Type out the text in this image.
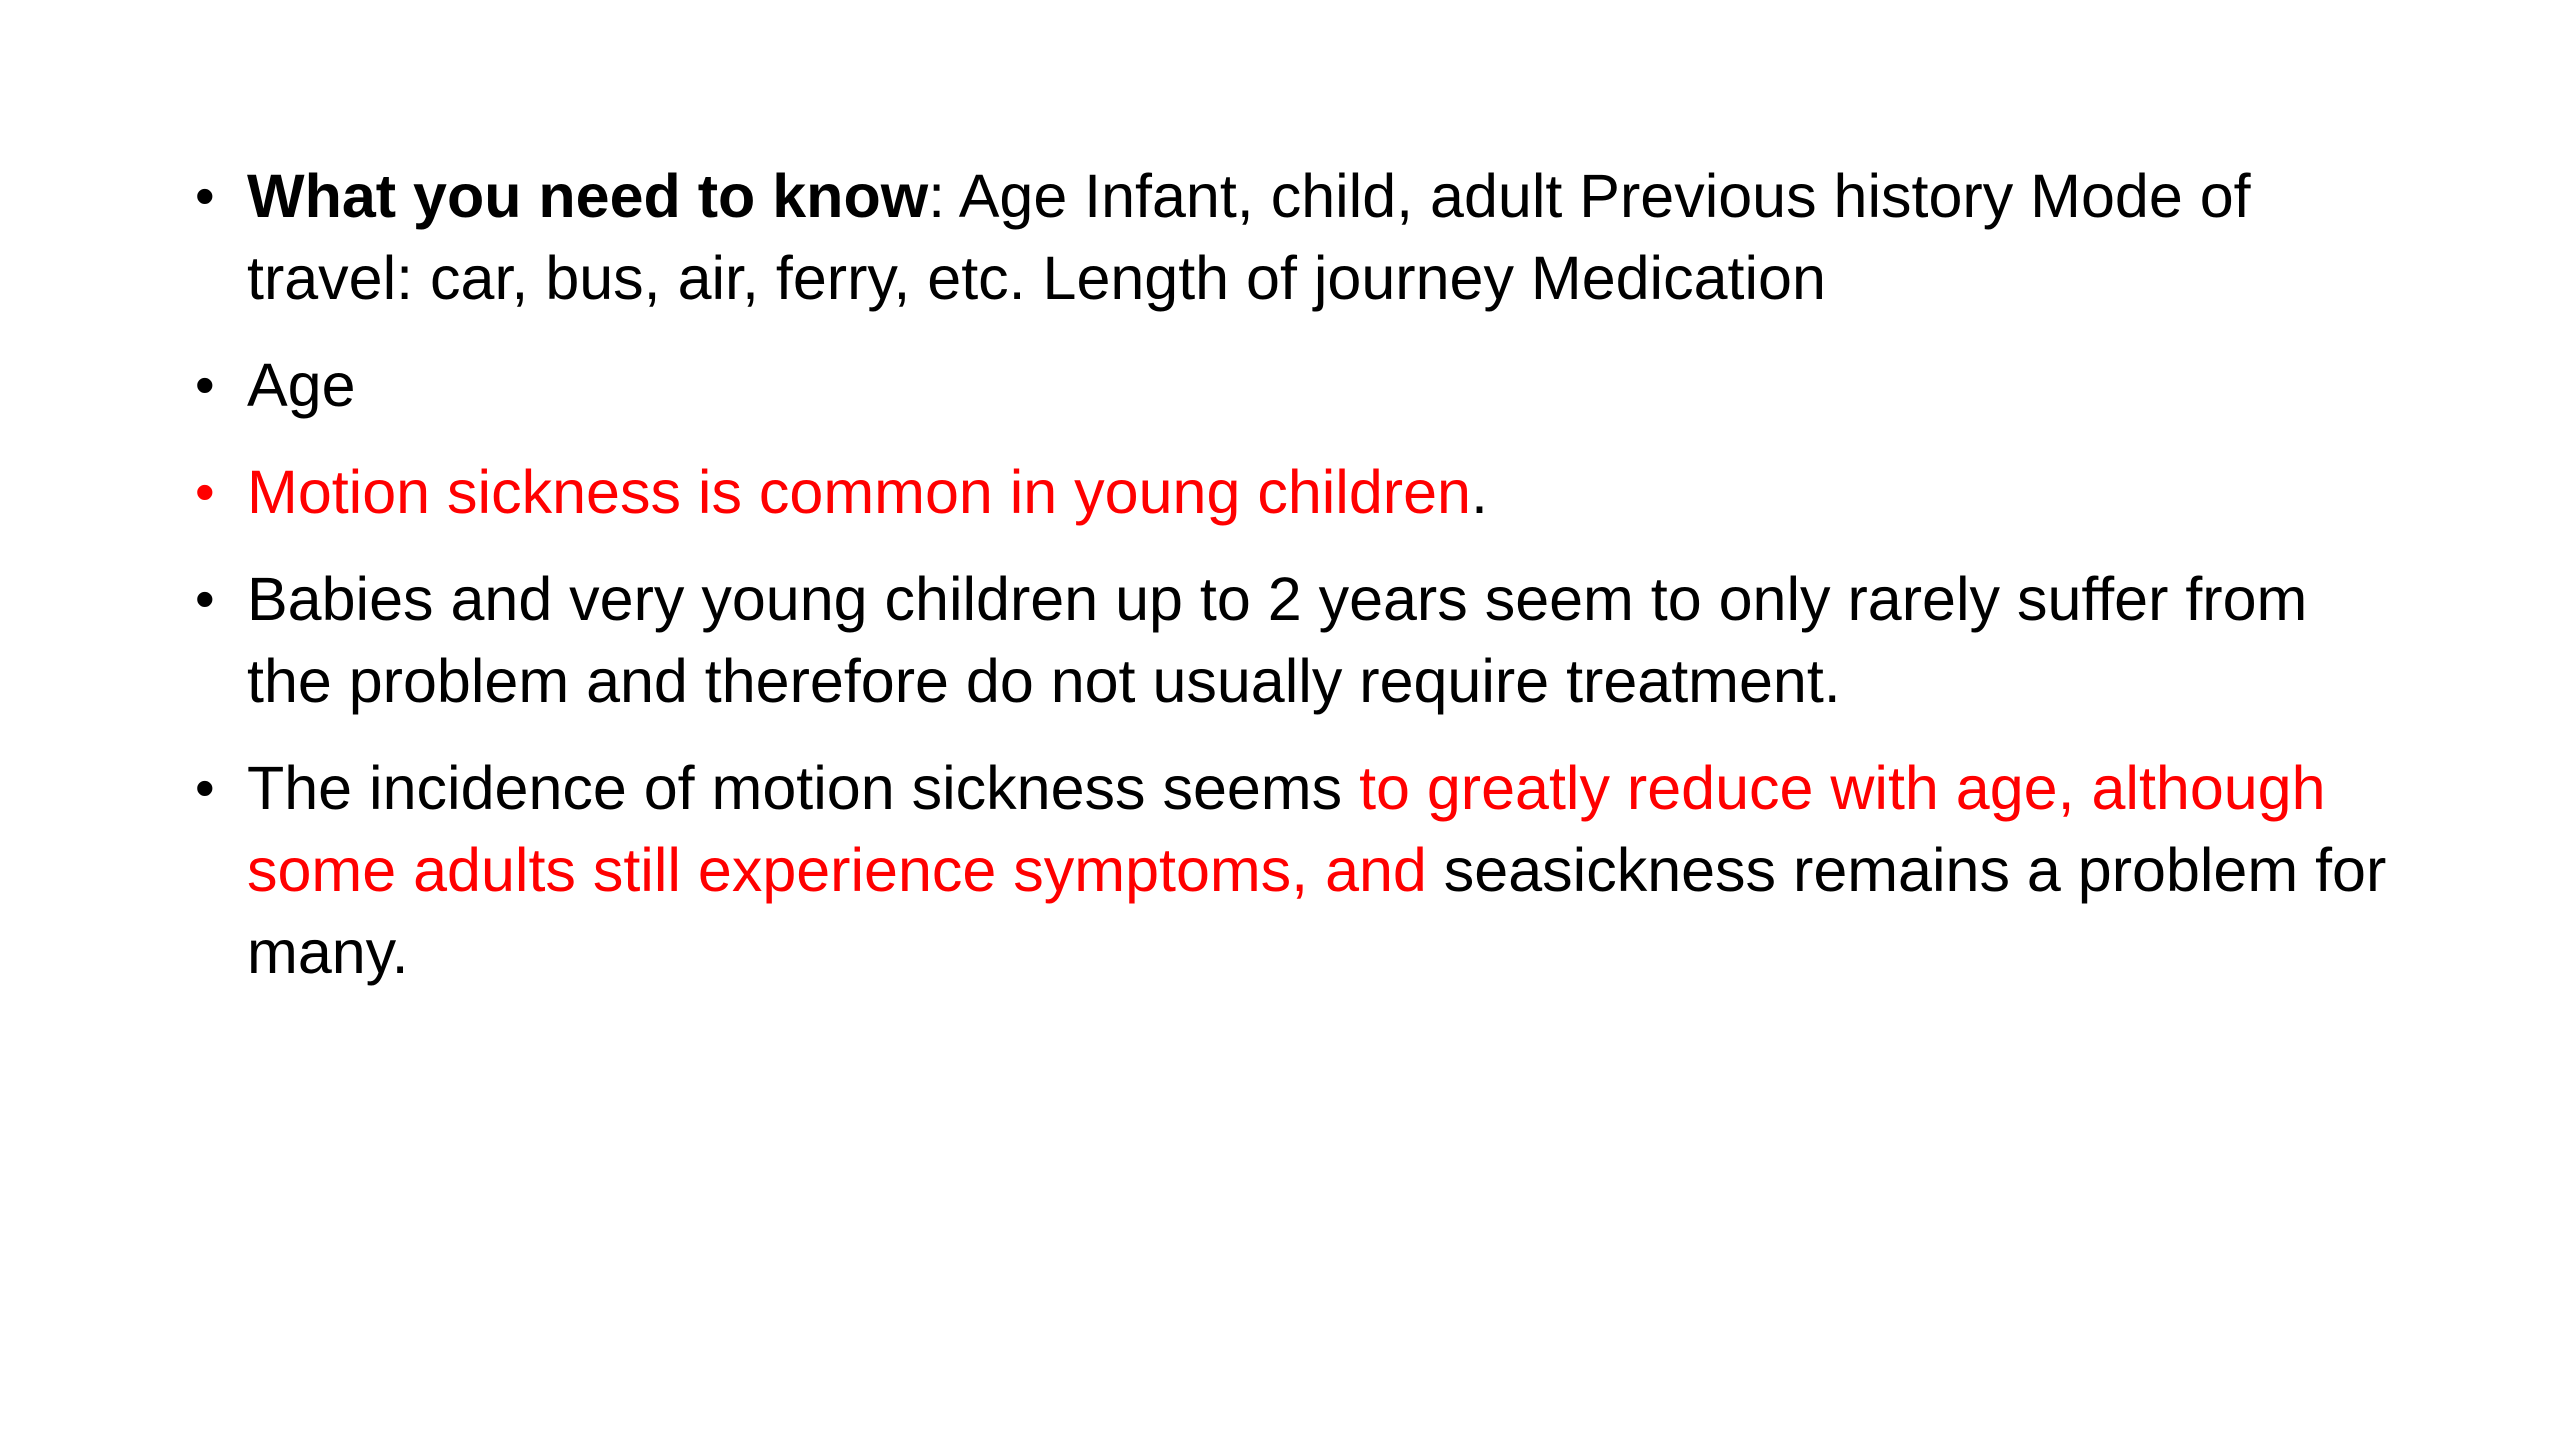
• What you need to know: Age Infant, child, adult Previous history Mode of travel: car, bus, air, ferry, etc. Length of journey Medication
• Age
• Motion sickness is common in young children.
• Babies and very young children up to 2 years seem to only rarely suffer from the problem and therefore do not usually require treatment.
• The incidence of motion sickness seems to greatly reduce with age, although some adults still experience symptoms, and seasickness remains a problem for many.
